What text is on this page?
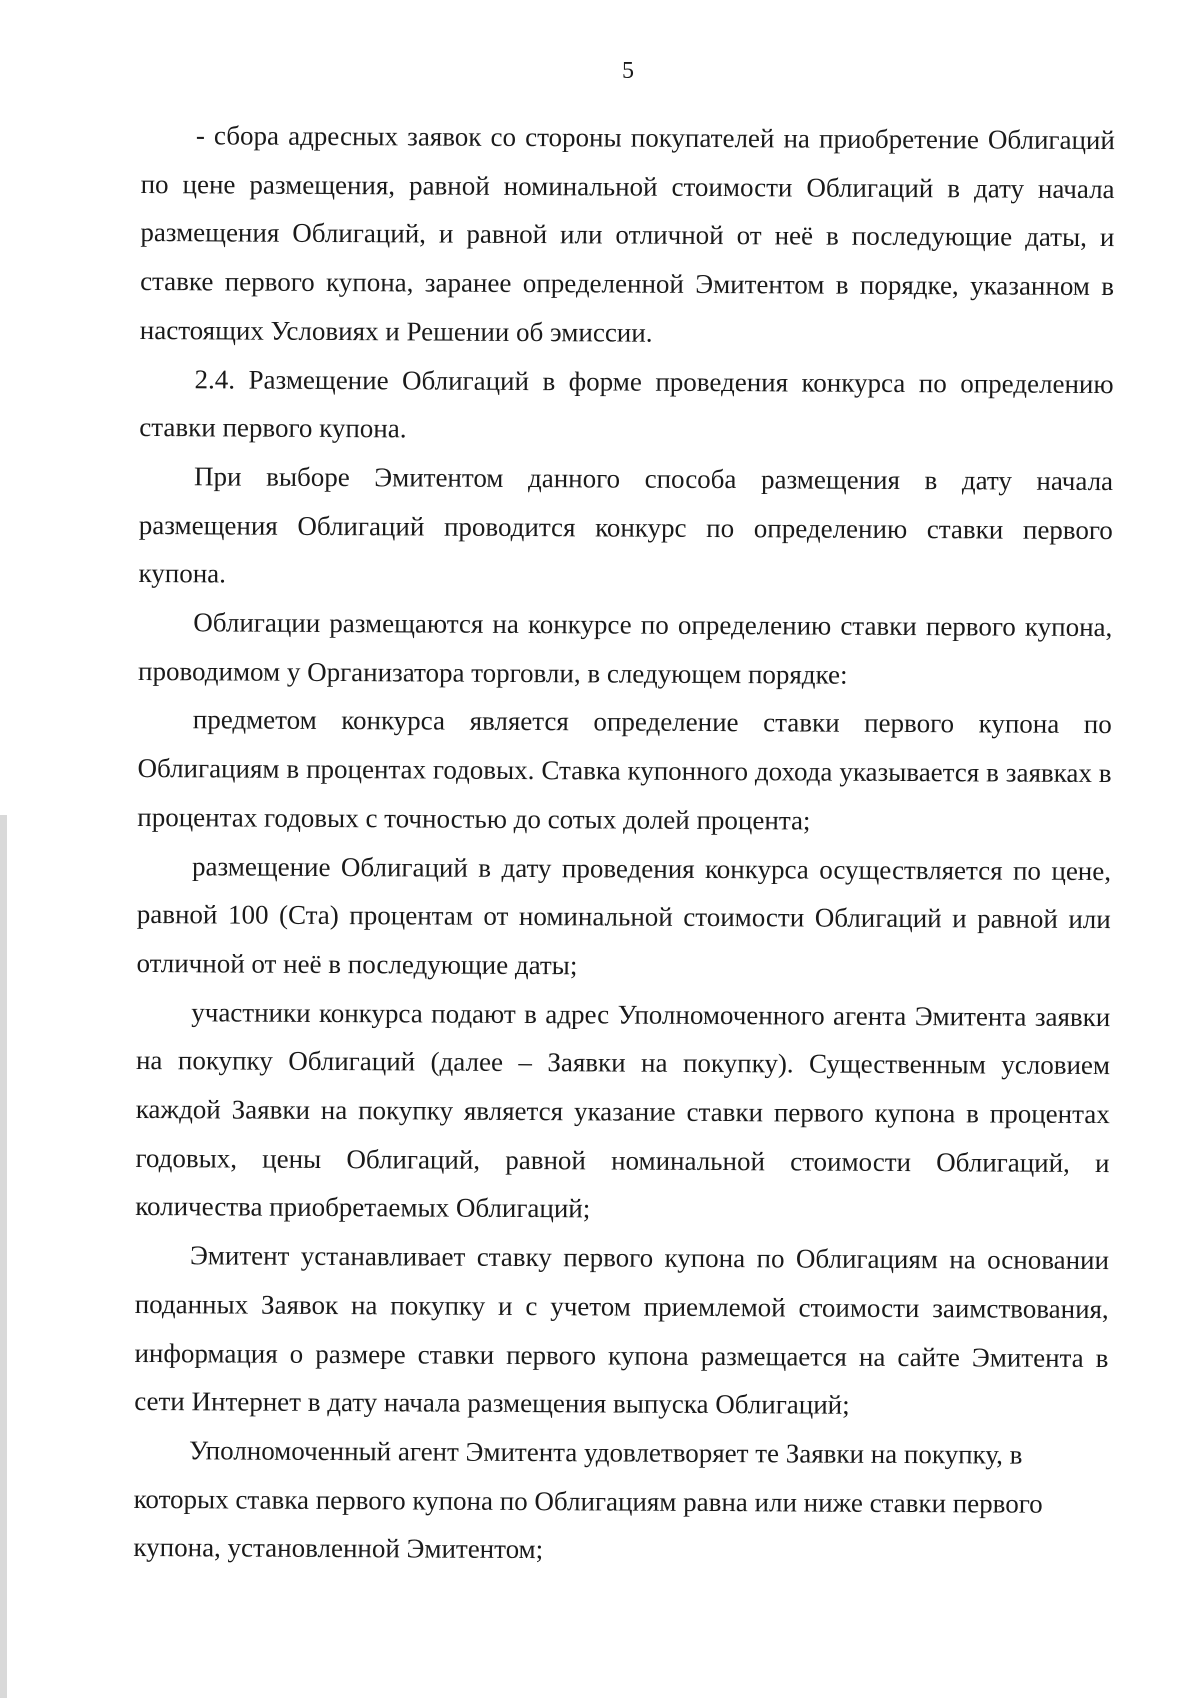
5

- сбора адресных заявок со стороны покупателей на приобретение Облигаций по цене размещения, равной номинальной стоимости Облигаций в дату начала размещения Облигаций, и равной или отличной от неё в последующие даты, и ставке первого купона, заранее определенной Эмитентом в порядке, указанном в настоящих Условиях и Решении об эмиссии.

2.4. Размещение Облигаций в форме проведения конкурса по определению ставки первого купона.

При выборе Эмитентом данного способа размещения в дату начала размещения Облигаций проводится конкурс по определению ставки первого купона.

Облигации размещаются на конкурсе по определению ставки первого купона, проводимом у Организатора торговли, в следующем порядке:

предметом конкурса является определение ставки первого купона по Облигациям в процентах годовых. Ставка купонного дохода указывается в заявках в процентах годовых с точностью до сотых долей процента;

размещение Облигаций в дату проведения конкурса осуществляется по цене, равной 100 (Ста) процентам от номинальной стоимости Облигаций и равной или отличной от неё в последующие даты;

участники конкурса подают в адрес Уполномоченного агента Эмитента заявки на покупку Облигаций (далее – Заявки на покупку). Существенным условием каждой Заявки на покупку является указание ставки первого купона в процентах годовых, цены Облигаций, равной номинальной стоимости Облигаций, и количества приобретаемых Облигаций;

Эмитент устанавливает ставку первого купона по Облигациям на основании поданных Заявок на покупку и с учетом приемлемой стоимости заимствования, информация о размере ставки первого купона размещается на сайте Эмитента в сети Интернет в дату начала размещения выпуска Облигаций;

Уполномоченный агент Эмитента удовлетворяет те Заявки на покупку, в которых ставка первого купона по Облигациям равна или ниже ставки первого купона, установленной Эмитентом;
